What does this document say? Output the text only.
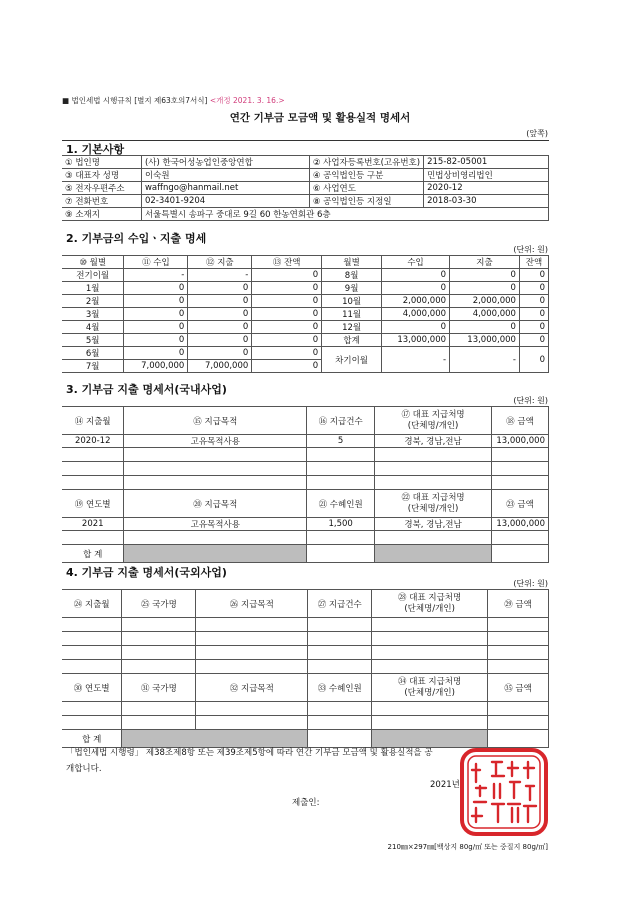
■ 법인세법 시행규칙 [별지 제63호의7서식] <개정 2021. 3. 16.>
연간 기부금 모금액 및 활용실적 명세서
(앞쪽)
1. 기본사항
① 법인명	(사) 한국어성농업인중앙연합	② 사업자등록번호(고유번호)	215-82-05001
③ 대표자 성명	이숙원	④ 공익법인등 구분	민법상비영리법인
⑤ 전자우편주소	waffngo@hanmail.net	⑥ 사업연도	2020-12
⑦ 전화번호	02-3401-9204	⑧ 공익법인등 지정일	2018-03-30
⑨ 소재지	서울특별시 송파구 중대로 9길 60 한농연회관 6층		
2. 기부금의 수입ㆍ지출 명세
(단위: 원)
⑩ 월별	⑪ 수입	⑫ 지출	⑬ 잔액	월별	수입	지출	잔액
전기이월	-	-	0	8월	0	0	0
1월	0	0	0	9월	0	0	0
2월	0	0	0	10월	2,000,000	2,000,000	0
3월	0	0	0	11월	4,000,000	4,000,000	0
4월	0	0	0	12월	0	0	0
5월	0	0	0	합계	13,000,000	13,000,000	0
6월	0	0	0	차기이월	-	-	0
7월	7,000,000	7,000,000	0				
3. 기부금 지출 명세서(국내사업)
(단위: 원)
⑭ 지출월	⑮ 지급목적	⑯ 지급건수	⑰ 대표 지급처명
(단체명/개인)	⑱ 금액
2020-12	고유목적사용	5	경북, 경남,전남	13,000,000

⑲ 연도별	⑳ 지급목적	㉑ 수혜인원	㉒ 대표 지급처명
(단체명/개인)	㉓ 금액
2021	고유목적사용	1,500	경북, 경남,전남	13,000,000

합 계				
4. 기부금 지출 명세서(국외사업)
(단위: 원)
㉔ 지출월	㉕ 국가명	㉖ 지급목적	㉗ 지급건수	㉘ 대표 지급처명
(단체명/개인)	㉙ 금액

㉚ 연도별	㉛ 국가명	㉜ 지급목적	㉝ 수혜인원	㉞ 대표 지급처명
(단체명/개인)	㉟ 금액

합 계					
「법인세법 시행령」 제38조제8항 또는 제39조제5항에 따라 연간 기부금 모금액 및 활용실적을 공
개합니다.
2021년
제출인:
210㎜×297㎜[백상지 80g/㎡ 또는 중질지 80g/㎡]
